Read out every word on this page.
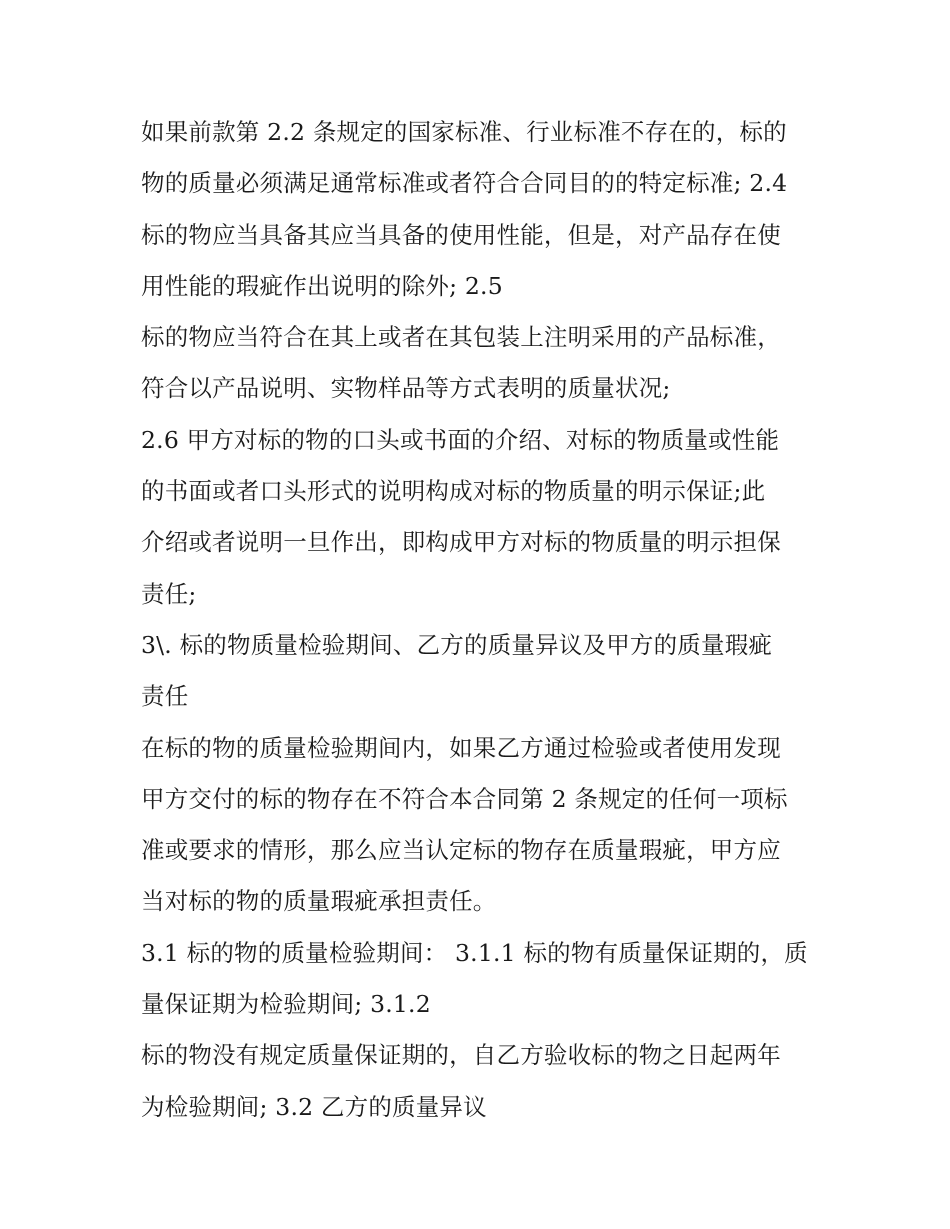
如果前款第 2.2 条规定的国家标准、行业标准不存在的，标的
物的质量必须满足通常标准或者符合合同目的的特定标准; 2.4
标的物应当具备其应当具备的使用性能，但是，对产品存在使
用性能的瑕疵作出说明的除外; 2.5
标的物应当符合在其上或者在其包装上注明采用的产品标准，
符合以产品说明、实物样品等方式表明的质量状况;
2.6 甲方对标的物的口头或书面的介绍、对标的物质量或性能
的书面或者口头形式的说明构成对标的物质量的明示保证;此
介绍或者说明一旦作出，即构成甲方对标的物质量的明示担保
责任;
3\. 标的物质量检验期间、乙方的质量异议及甲方的质量瑕疵
责任
在标的物的质量检验期间内，如果乙方通过检验或者使用发现
甲方交付的标的物存在不符合本合同第 2 条规定的任何一项标
准或要求的情形，那么应当认定标的物存在质量瑕疵，甲方应
当对标的物的质量瑕疵承担责任。
3.1 标的物的质量检验期间： 3.1.1 标的物有质量保证期的，质
量保证期为检验期间; 3.1.2
标的物没有规定质量保证期的，自乙方验收标的物之日起两年
为检验期间; 3.2 乙方的质量异议
